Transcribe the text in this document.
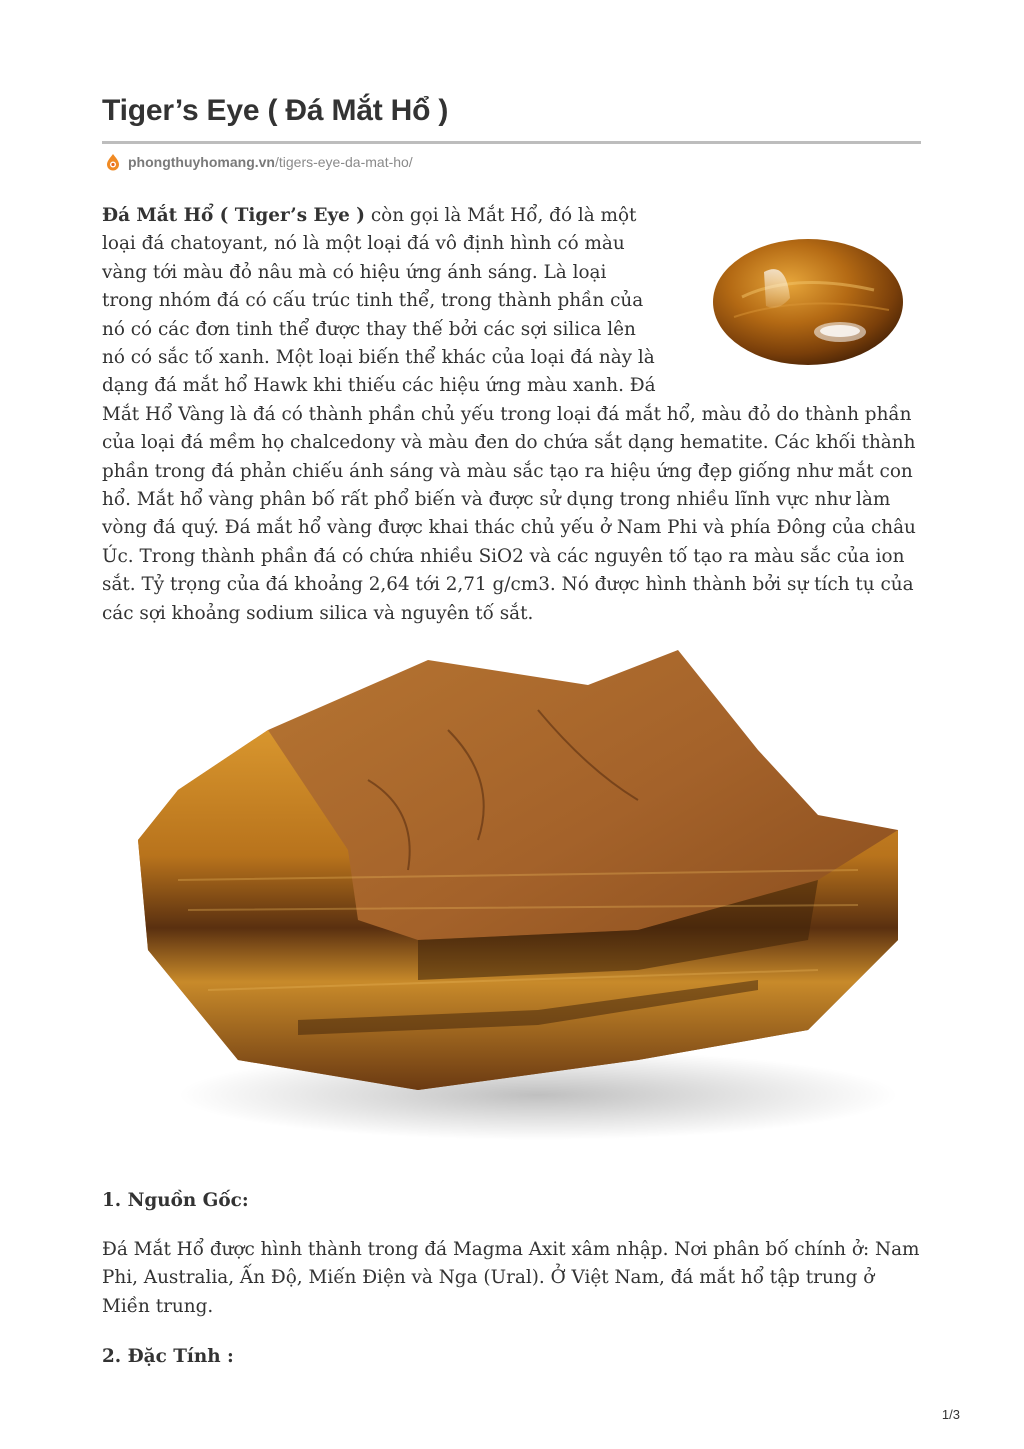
Tiger’s Eye ( Đá Mắt Hổ )
phongthuyhomang.vn /tigers-eye-da-mat-ho/
Đá Mắt Hổ ( Tiger’s Eye ) còn gọi là Mắt Hổ, đó là một loại đá chatoyant, nó là một loại đá vô định hình có màu vàng tới màu đỏ nâu mà có hiệu ứng ánh sáng. Là loại trong nhóm đá có cấu trúc tinh thể, trong thành phần của nó có các đơn tinh thể được thay thế bởi các sợi silica lên nó có sắc tố xanh. Một loại biến thể khác của loại đá này là dạng đá mắt hổ Hawk khi thiếu các hiệu ứng màu xanh. Đá Mắt Hổ Vàng là đá có thành phần chủ yếu trong loại đá mắt hổ, màu đỏ do thành phần của loại đá mềm họ chalcedony và màu đen do chứa sắt dạng hematite. Các khối thành phần trong đá phản chiếu ánh sáng và màu sắc tạo ra hiệu ứng đẹp giống như mắt con hổ. Mắt hổ vàng phân bố rất phổ biến và được sử dụng trong nhiều lĩnh vực như làm vòng đá quý. Đá mắt hổ vàng được khai thác chủ yếu ở Nam Phi và phía Đông của châu Úc. Trong thành phần đá có chứa nhiều SiO2 và các nguyên tố tạo ra màu sắc của ion sắt. Tỷ trọng của đá khoảng 2,64 tới 2,71 g/cm3. Nó được hình thành bởi sự tích tụ của các sợi khoảng sodium silica và nguyên tố sắt.
1. Nguồn Gốc:

Đá Mắt Hổ được hình thành trong đá Magma Axit xâm nhập. Nơi phân bố chính ở: Nam Phi, Australia, Ấn Độ, Miến Điện và Nga (Ural). Ở Việt Nam, đá mắt hổ tập trung ở Miền trung.

2. Đặc Tính :
1/3
